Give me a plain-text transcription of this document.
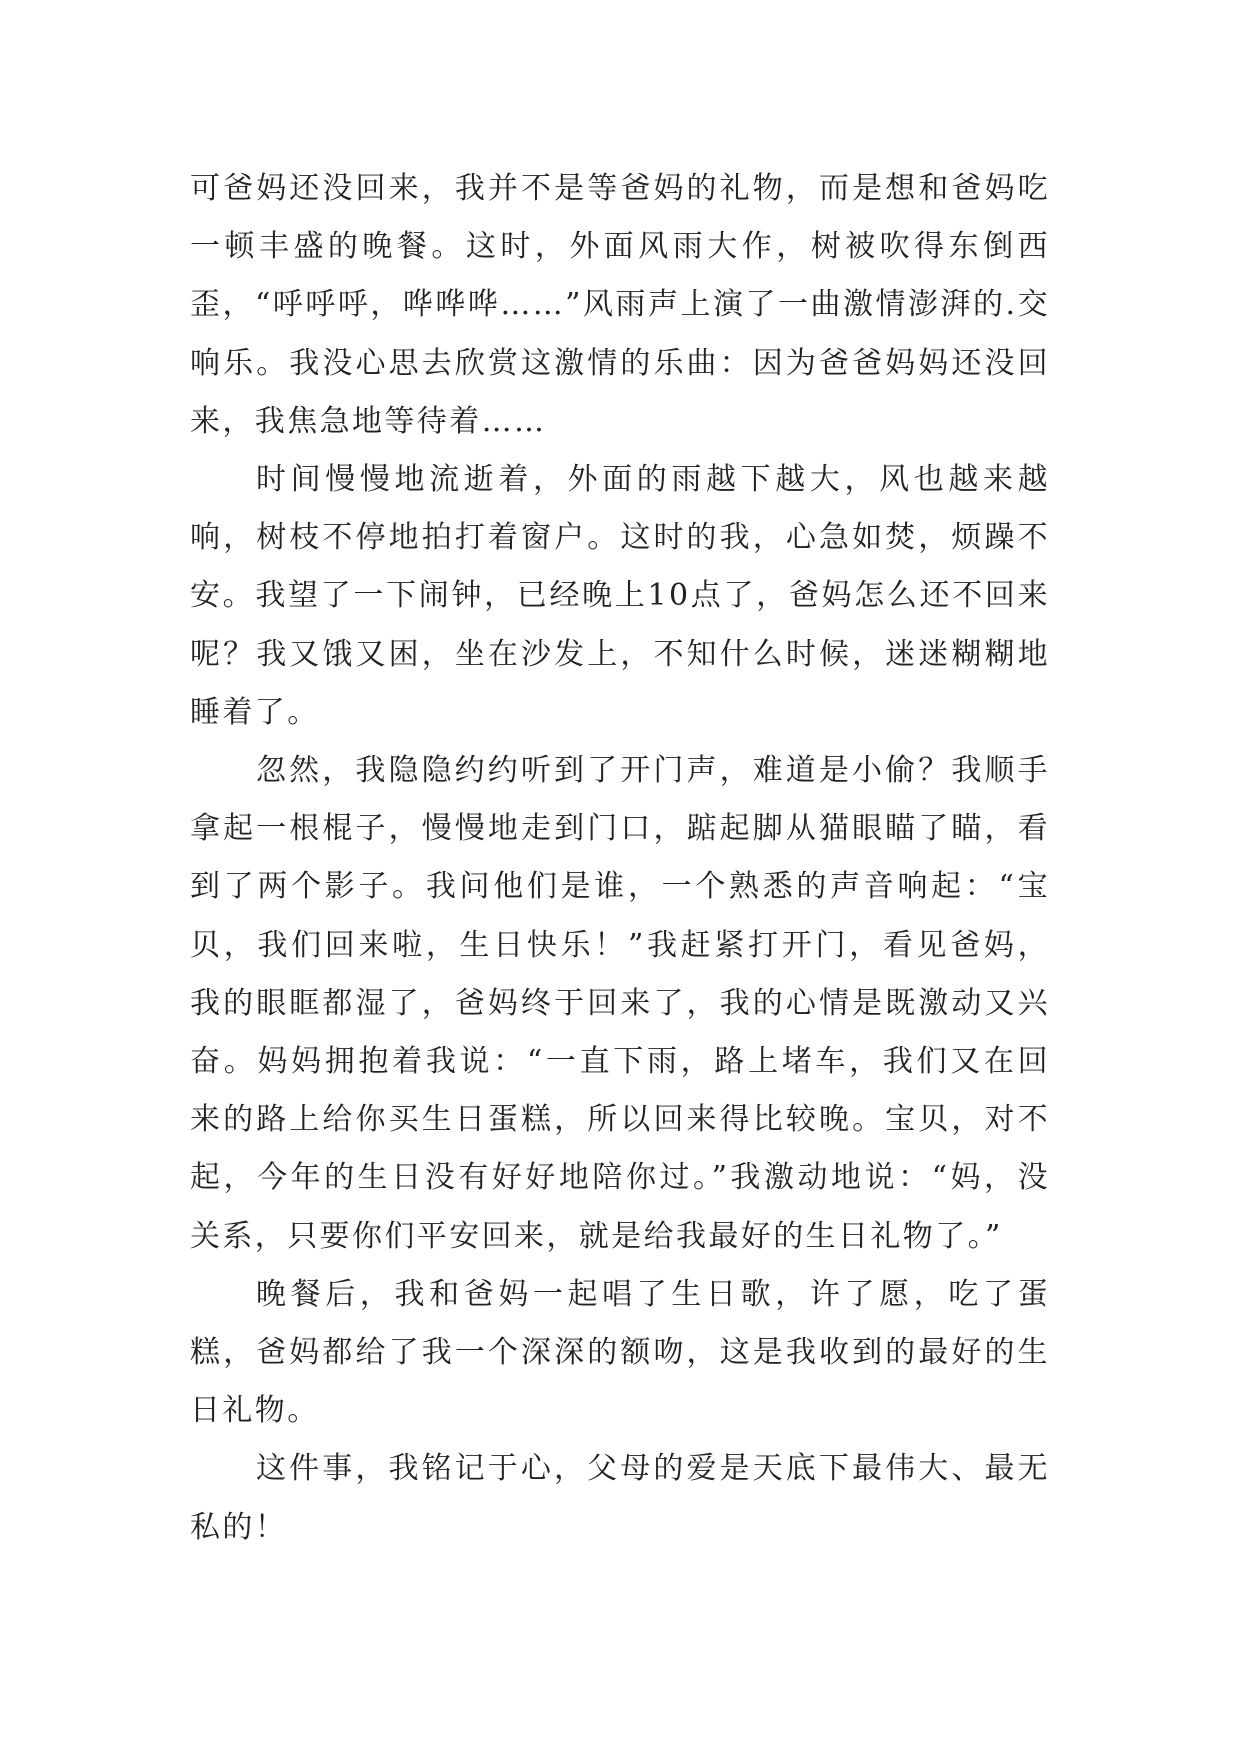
可爸妈还没回来，我并不是等爸妈的礼物，而是想和爸妈吃一顿丰盛的晚餐。这时，外面风雨大作，树被吹得东倒西歪，“呼呼呼，哗哗哗……”风雨声上演了一曲激情澎湃的.交响乐。我没心思去欣赏这激情的乐曲：因为爸爸妈妈还没回来，我焦急地等待着……

时间慢慢地流逝着，外面的雨越下越大，风也越来越响，树枝不停地拍打着窗户。这时的我，心急如焚，烦躁不安。我望了一下闹钟，已经晚上10点了，爸妈怎么还不回来呢？我又饿又困，坐在沙发上，不知什么时候，迷迷糊糊地睡着了。

忽然，我隐隐约约听到了开门声，难道是小偷？我顺手拿起一根棍子，慢慢地走到门口，踮起脚从猫眼瞄了瞄，看到了两个影子。我问他们是谁，一个熟悉的声音响起：“宝贝，我们回来啦，生日快乐！”我赶紧打开门，看见爸妈，我的眼眶都湿了，爸妈终于回来了，我的心情是既激动又兴奋。妈妈拥抱着我说：“一直下雨，路上堵车，我们又在回来的路上给你买生日蛋糕，所以回来得比较晚。宝贝，对不起，今年的生日没有好好地陪你过。”我激动地说：“妈，没关系，只要你们平安回来，就是给我最好的生日礼物了。”

晚餐后，我和爸妈一起唱了生日歌，许了愿，吃了蛋糕，爸妈都给了我一个深深的额吻，这是我收到的最好的生日礼物。

这件事，我铭记于心，父母的爱是天底下最伟大、最无私的！
